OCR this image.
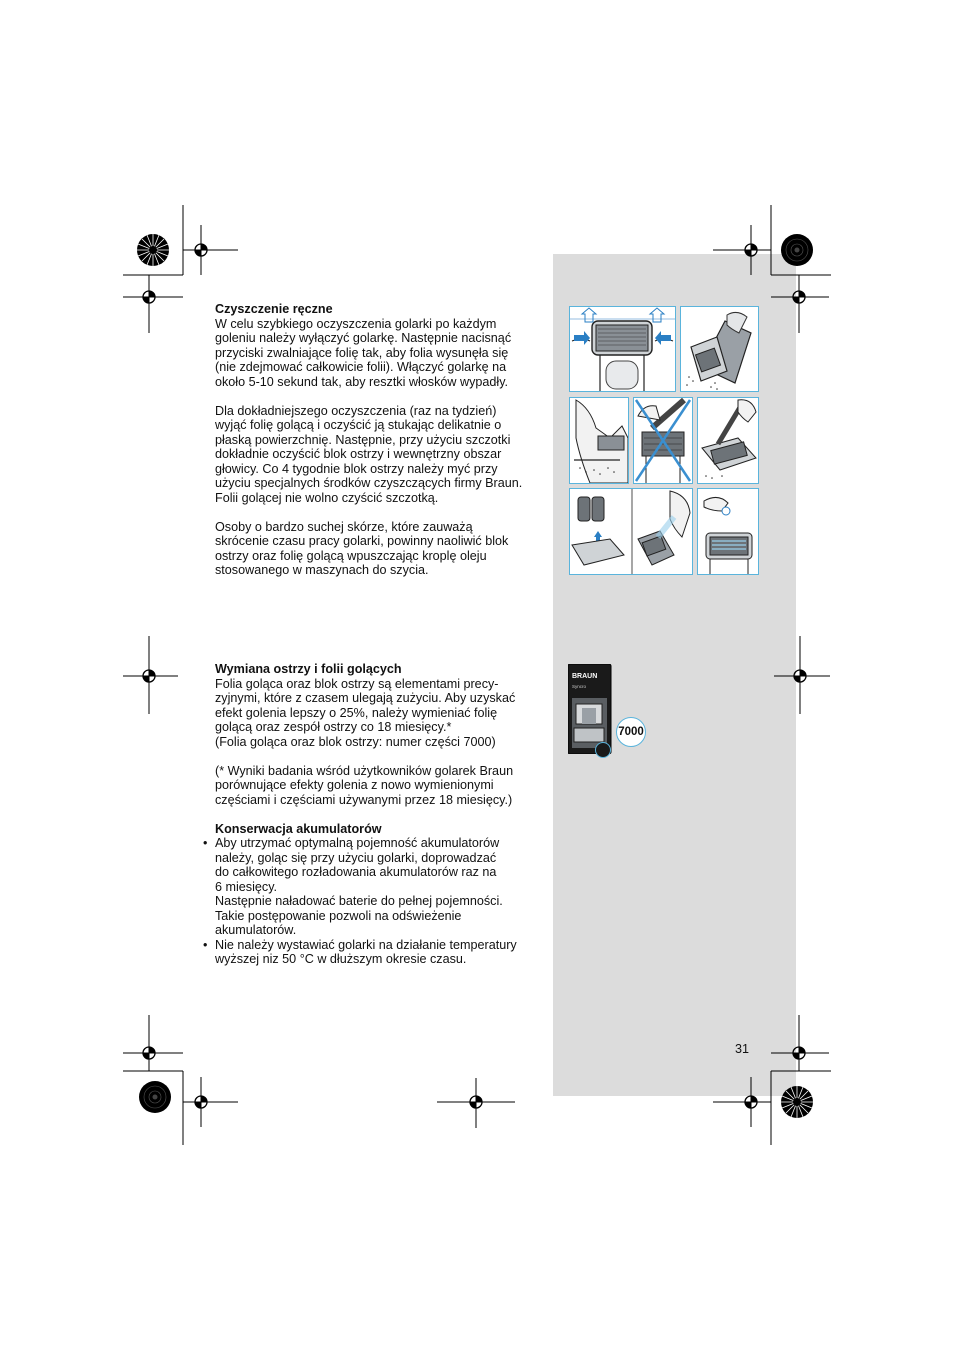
Czyszczenie ręczne

W celu szybkiego oczyszczenia golarki po każdym
goleniu należy wyłączyć golarkę. Następnie nacisnąć
przyciski zwalniające folię tak, aby folia wysunęła się
(nie zdejmować całkowicie folii). Włączyć golarkę na
około 5-10 sekund tak, aby resztki włosków wypadły.

Dla dokładniejszego oczyszczenia (raz na tydzień)
wyjąć folię golącą i oczyścić ją stukając delikatnie o
płaską powierzchnię. Następnie, przy użyciu szczotki
dokładnie oczyścić blok ostrzy i wewnętrzny obszar
głowicy. Co 4 tygodnie blok ostrzy należy myć przy
użyciu specjalnych środków czyszczących firmy Braun.
Folii golącej nie wolno czyścić szczotką.

Osoby o bardzo suchej skórze, które zauważą
skrócenie czasu pracy golarki, powinny naoliwić blok
ostrzy oraz folię golącą wpuszczając kroplę oleju
stosowanego w maszynach do szycia.

Wymiana ostrzy i folii golących

Folia goląca oraz blok ostrzy są elementami precy-
zyjnymi, które z czasem ulegają zużyciu. Aby uzyskać
efekt golenia lepszy o 25%, należy wymieniać folię
golącą oraz zespół ostrzy co 18 miesięcy.*
(Folia goląca oraz blok ostrzy: numer części 7000)

(* Wyniki badania wśród użytkowników golarek Braun
porównujące efekty golenia z nowo wymienionymi
częściami i częściami używanymi przez 18 miesięcy.)

Konserwacja akumulatorów
• Aby utrzymać optymalną pojemność akumulatorów
należy, goląc się przy użyciu golarki, doprowadzać
do całkowitego rozładowania akumulatorów raz na
6 miesięcy.
Następnie naładować baterie do pełnej pojemności.
Takie postępowanie pozwoli na odświeżenie
akumulatorów.
• Nie należy wystawiać golarki na działanie temperatury
wyższej niz 50 °C w dłuższym okresie czasu.
BRAUN
Syncro
7000
31
